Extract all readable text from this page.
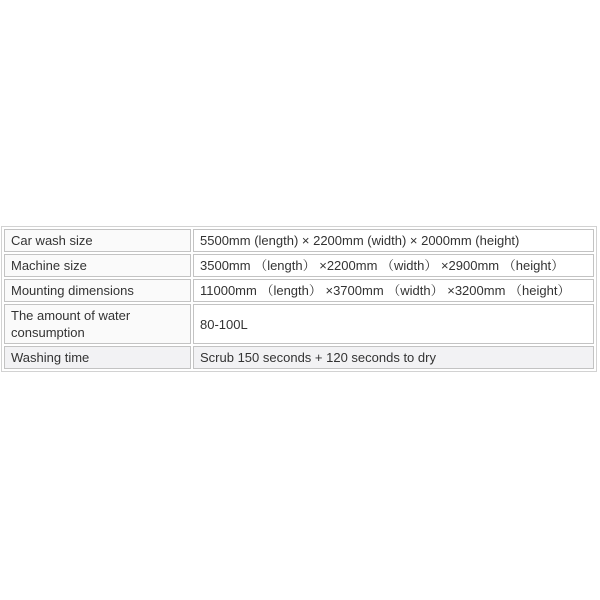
Car wash size	5500mm (length) × 2200mm (width) × 2000mm (height)
Machine size	3500mm （length） ×2200mm （width） ×2900mm （height）
Mounting dimensions	11000mm （length） ×3700mm （width） ×3200mm （height）
The amount of water consumption	80-100L
Washing time	Scrub 150 seconds + 120 seconds to dry
